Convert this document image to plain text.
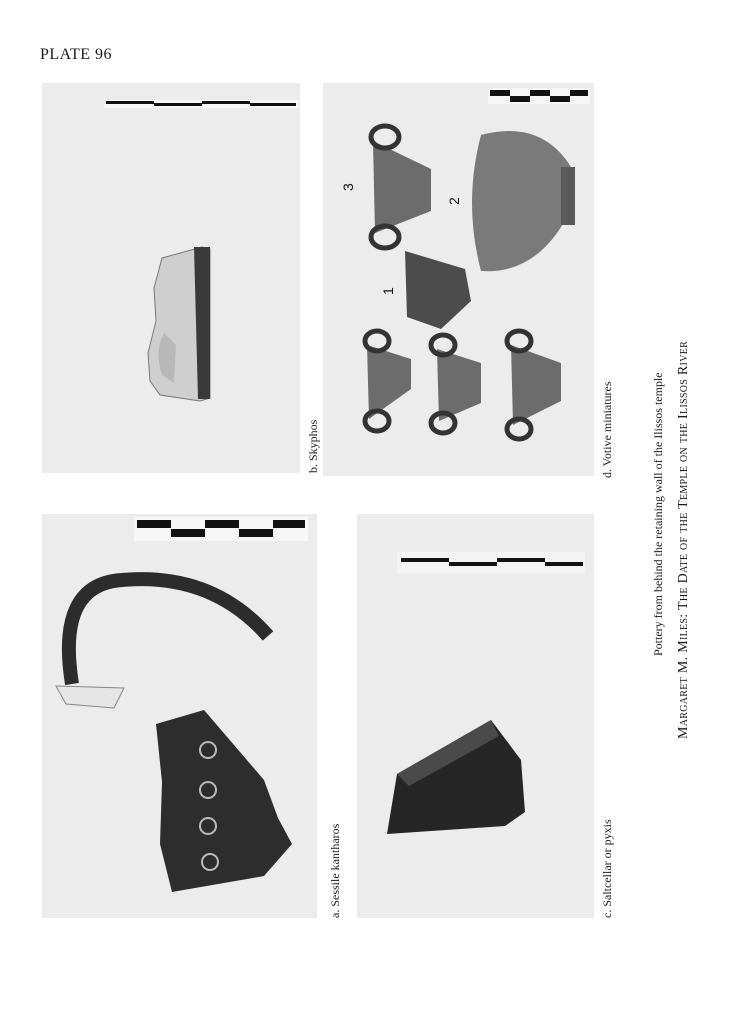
PLATE 96
b. Skyphos
3
2
1
d. Votive miniatures
a. Sessile kantharos	c. Saltcellar or pyxis
Pottery from behind the retaining wall of the Ilissos temple Margaret M. Miles: The Date of the Temple on the Ilissos River
